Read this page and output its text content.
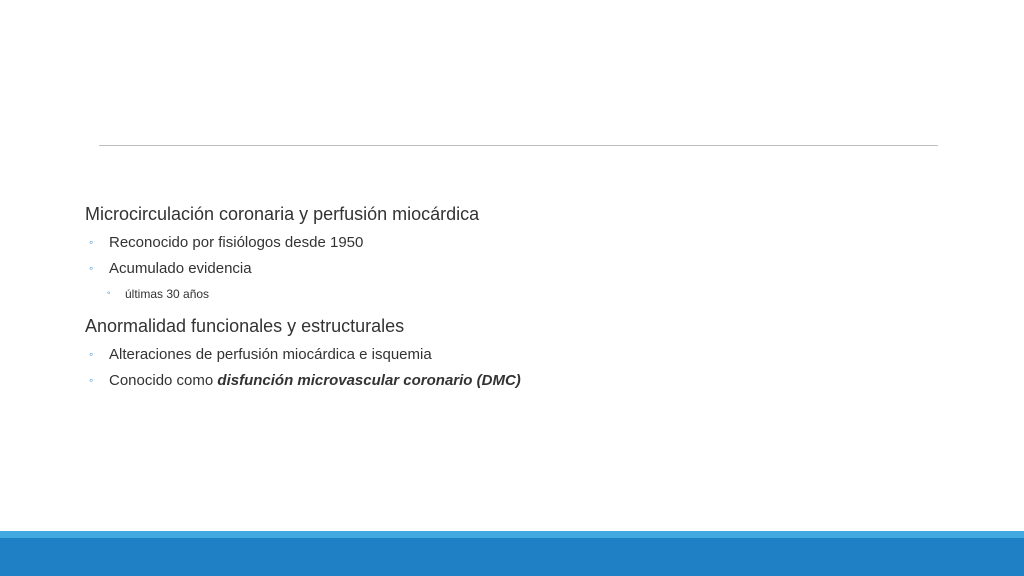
Microcirculación coronaria y perfusión miocárdica

◦ Reconocido por fisiólogos desde 1950

◦ Acumulado evidencia

◦ últimas 30 años

Anormalidad funcionales y estructurales

◦ Alteraciones de perfusión miocárdica e isquemia

◦ Conocido como disfunción microvascular coronario (DMC)
